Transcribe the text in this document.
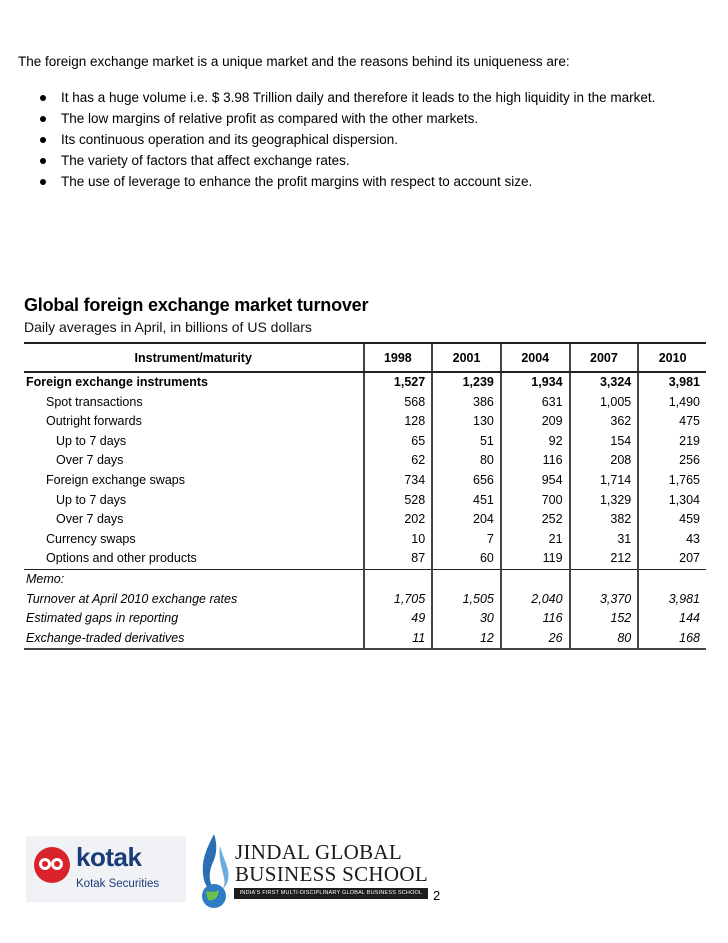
The foreign exchange market is a unique market and the reasons behind its uniqueness are:

It has a huge volume i.e. $ 3.98 Trillion daily and therefore it leads to the high liquidity in the market.
The low margins of relative profit as compared with the other markets.
Its continuous operation and its geographical dispersion.
The variety of factors that affect exchange rates.
The use of leverage to enhance the profit margins with respect to account size.

Global foreign exchange market turnover

Daily averages in April, in billions of US dollars

Instrument/maturity	1998	2001	2004	2007	2010
Foreign exchange instruments	1,527	1,239	1,934	3,324	3,981
Spot transactions	568	386	631	1,005	1,490
Outright forwards	128	130	209	362	475
Up to 7 days	65	51	92	154	219
Over 7 days	62	80	116	208	256
Foreign exchange swaps	734	656	954	1,714	1,765
Up to 7 days	528	451	700	1,329	1,304
Over 7 days	202	204	252	382	459
Currency swaps	10	7	21	31	43
Options and other products	87	60	119	212	207
Memo:					
Turnover at April 2010 exchange rates	1,705	1,505	2,040	3,370	3,981
Estimated gaps in reporting	49	30	116	152	144
Exchange-traded derivatives	11	12	26	80	168
kotak
Kotak Securities
JINDAL GLOBAL
BUSINESS SCHOOL
INDIA'S FIRST MULTI-DISCIPLINARY GLOBAL BUSINESS SCHOOL 2
